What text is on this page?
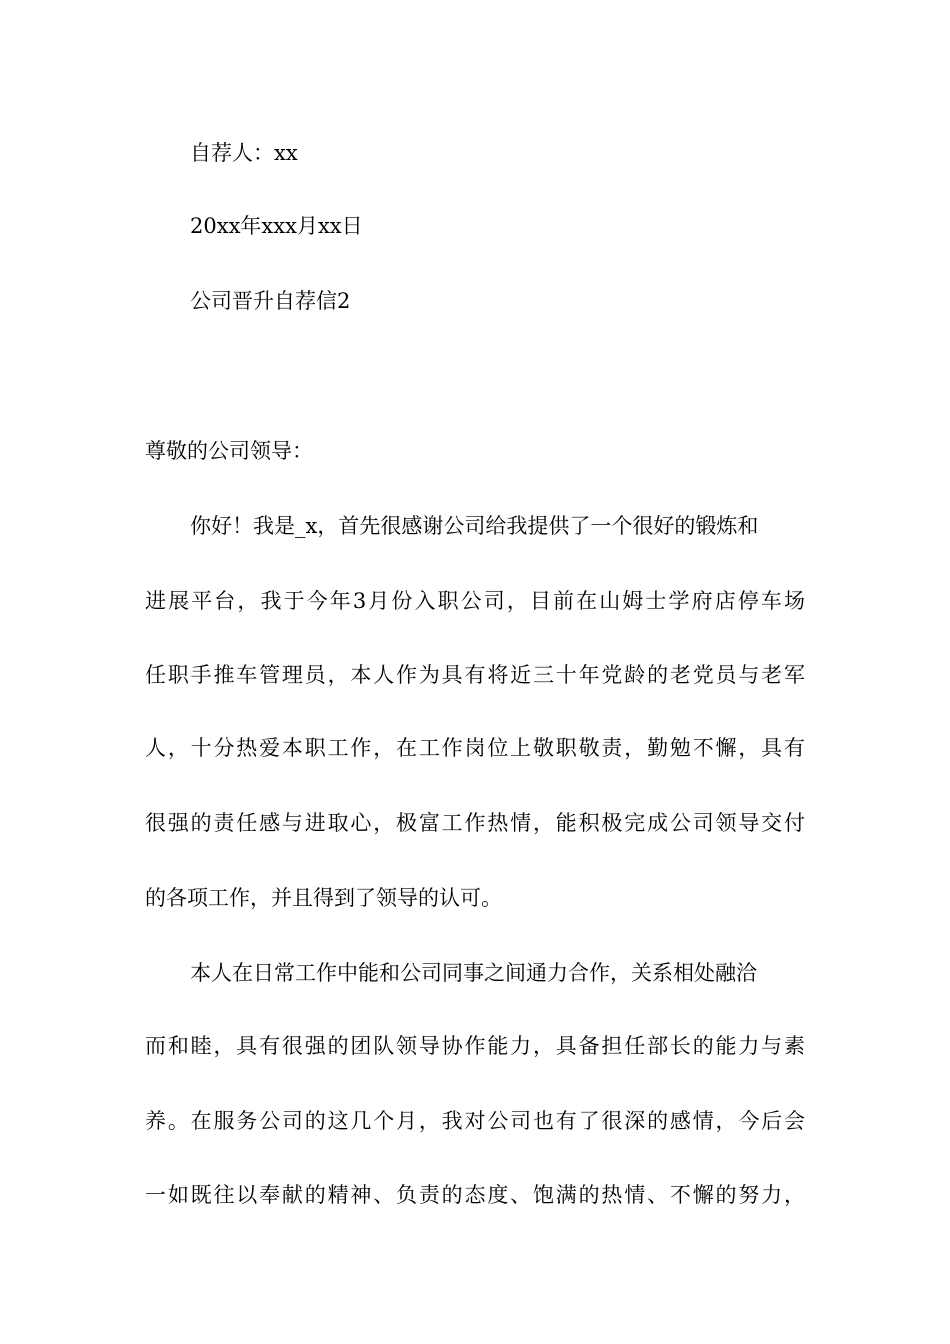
自荐人：xx
20xx年xxx月xx日
公司晋升自荐信2
尊敬的公司领导：
你好！我是_x，首先很感谢公司给我提供了一个很好的锻炼和
进展平台，我于今年3月份入职公司，目前在山姆士学府店停车场
任职手推车管理员，本人作为具有将近三十年党龄的老党员与老军
人，十分热爱本职工作，在工作岗位上敬职敬责，勤勉不懈，具有
很强的责任感与进取心，极富工作热情，能积极完成公司领导交付
的各项工作，并且得到了领导的认可。
本人在日常工作中能和公司同事之间通力合作，关系相处融洽
而和睦，具有很强的团队领导协作能力，具备担任部长的能力与素
养。在服务公司的这几个月，我对公司也有了很深的感情，今后会
一如既往以奉献的精神、负责的态度、饱满的热情、不懈的努力，
